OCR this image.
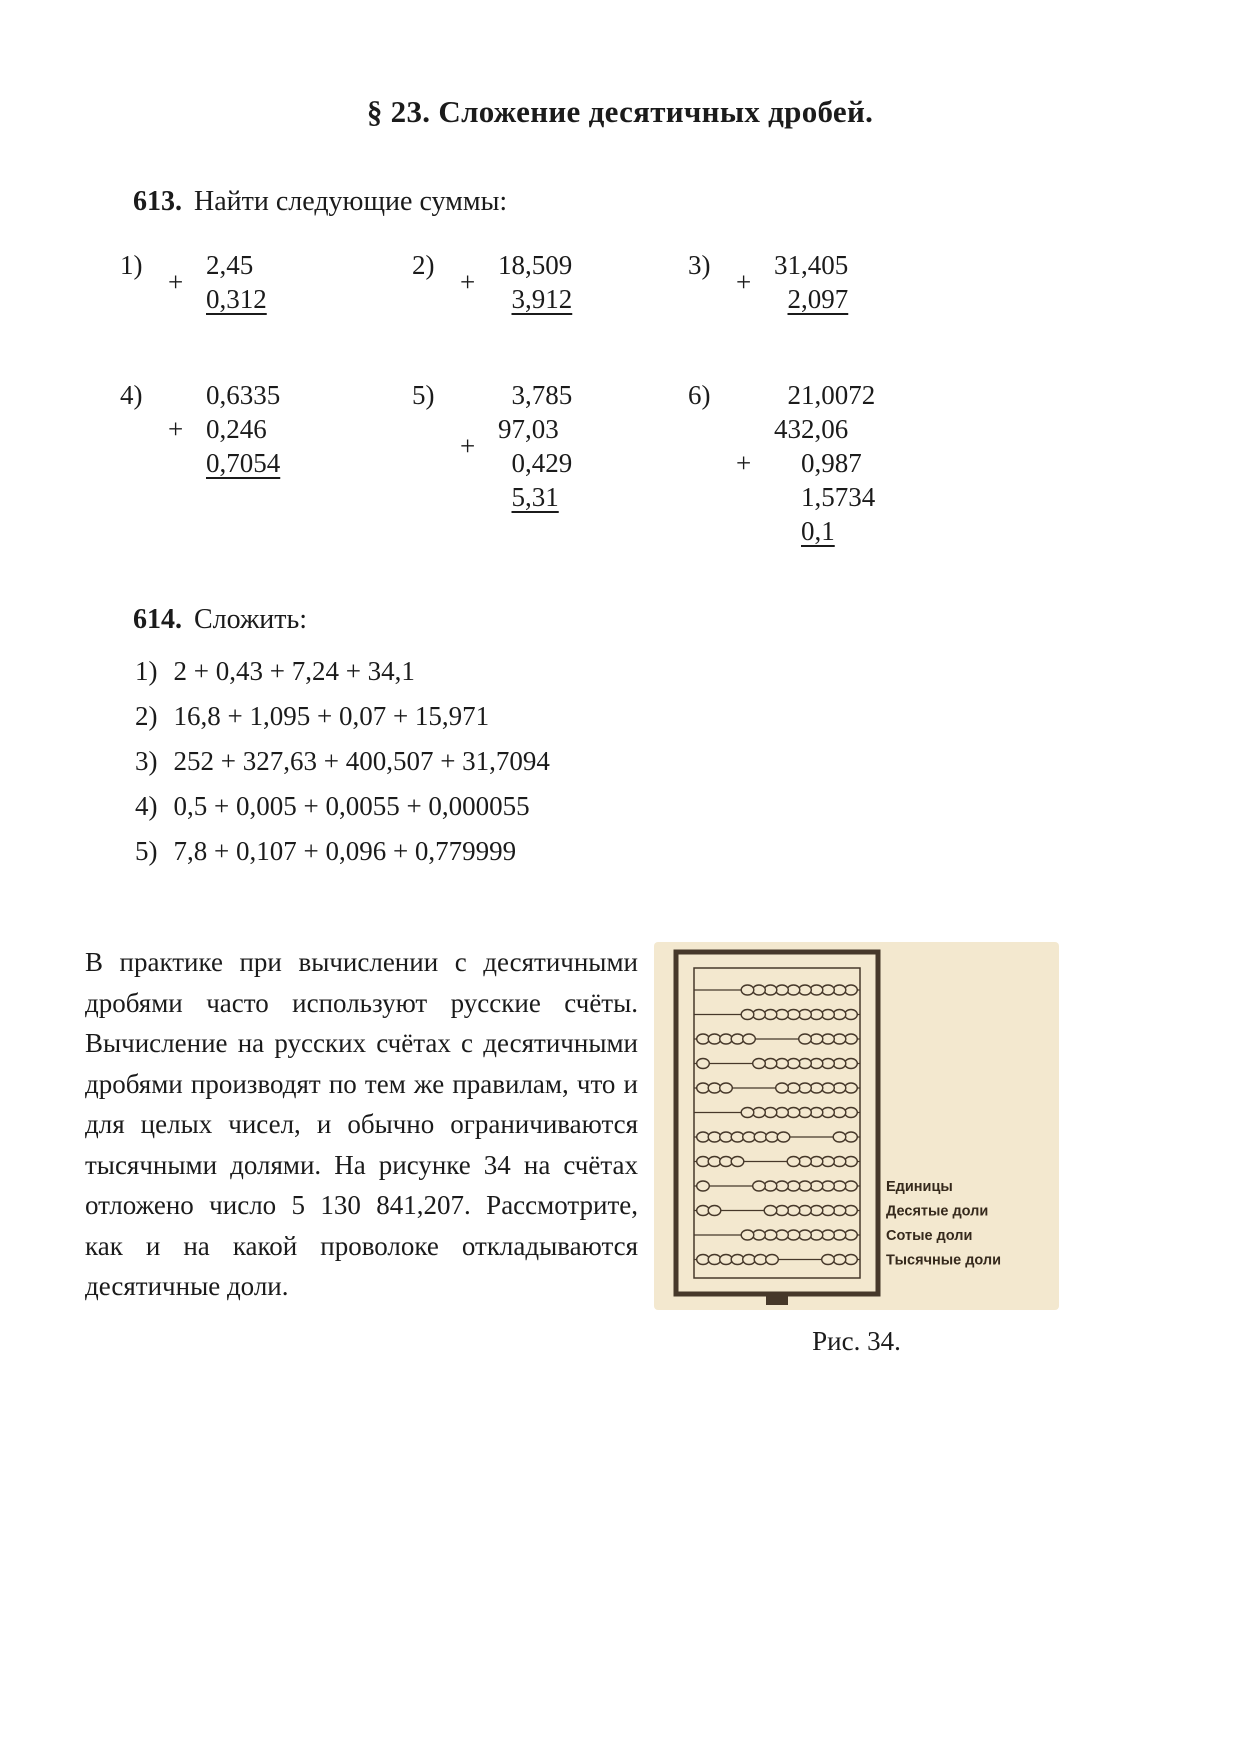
§ 23. Сложение десятичных дробей.
613. Найти следующие суммы:
1)
		2	,45
+	0	,312
2)
		18	,509
+	3	,912
3)
		31	,405
+	2	,097
4)
		0	,6335
+	0	,246
	0	,7054
5)
		3	,785
	97	,03
+	0	,429
	5	,31
6)
		21	,0072
	432	,06
+	0	,987
	1	,5734
	0	,1
614. Сложить:
1) 2 + 0,43 + 7,24 + 34,1
2) 16,8 + 1,095 + 0,07 + 15,971
3) 252 + 327,63 + 400,507 + 31,7094
4) 0,5 + 0,005 + 0,0055 + 0,000055
5) 7,8 + 0,107 + 0,096 + 0,779999

В практике при вычислении с десятичными дробями часто используют русские счёты. Вычисление на русских счётах с десятичными дробями производят по тем же правилам, что и для целых чисел, и обычно ограничиваются тысячными долями. На рисунке 34 на счётах отложено число 5 130 841,207. Рассмотрите, как и на какой проволоке откладываются десятичные доли.

Единицы
Десятые доли
Сотые доли
Тысячные доли
Рис. 34.
